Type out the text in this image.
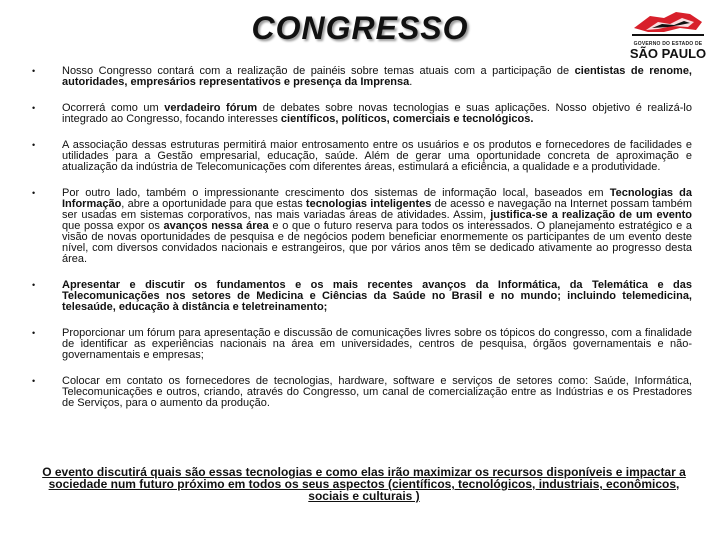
CONGRESSO	GOVERNO DO ESTADO DE
SÃO PAULO
• Nosso Congresso contará com a realização de painéis sobre temas atuais com a participação de cientistas de renome, autoridades, empresários representativos e presença da Imprensa.
• Ocorrerá como um verdadeiro fórum de debates sobre novas tecnologias e suas aplicações. Nosso objetivo é realizá-lo integrado ao Congresso, focando interesses científicos, políticos, comerciais e tecnológicos.
• A associação dessas estruturas permitirá maior entrosamento entre os usuários e os produtos e fornecedores de facilidades e utilidades para a Gestão empresarial, educação, saúde. Além de gerar uma oportunidade concreta de aproximação e atualização da indústria de Telecomunicações com diferentes áreas, estimulará a eficiência, a qualidade e a produtividade.
• Por outro lado, também o impressionante crescimento dos sistemas de informação local, baseados em Tecnologias da Informação, abre a oportunidade para que estas tecnologias inteligentes de acesso e navegação na Internet possam também ser usadas em sistemas corporativos, nas mais variadas áreas de atividades. Assim, justifica-se a realização de um evento que possa expor os avanços nessa área e o que o futuro reserva para todos os interessados. O planejamento estratégico e a visão de novas oportunidades de pesquisa e de negócios podem beneficiar enormemente os participantes de um evento deste nível, com diversos convidados nacionais e estrangeiros, que por vários anos têm se dedicado ativamente ao progresso desta área.
• Apresentar e discutir os fundamentos e os mais recentes avanços da Informática, da Telemática e das Telecomunicações nos setores de Medicina e Ciências da Saúde no Brasil e no mundo; incluindo telemedicina, telesaúde, educação à distância e teletreinamento;
• Proporcionar um fórum para apresentação e discussão de comunicações livres sobre os tópicos do congresso, com a finalidade de identificar as experiências nacionais na área em universidades, centros de pesquisa, órgãos governamentais e não-governamentais e empresas;
• Colocar em contato os fornecedores de tecnologias, hardware, software e serviços de setores como: Saúde, Informática, Telecomunicações e outros, criando, através do Congresso, um canal de comercialização entre as Indústrias e os Prestadores de Serviços, para o aumento da produção.
O evento discutirá quais são essas tecnologias e como elas irão maximizar os recursos disponíveis e impactar a sociedade num futuro próximo em todos os seus aspectos (científicos, tecnológicos, industriais, econômicos, sociais e culturais )
